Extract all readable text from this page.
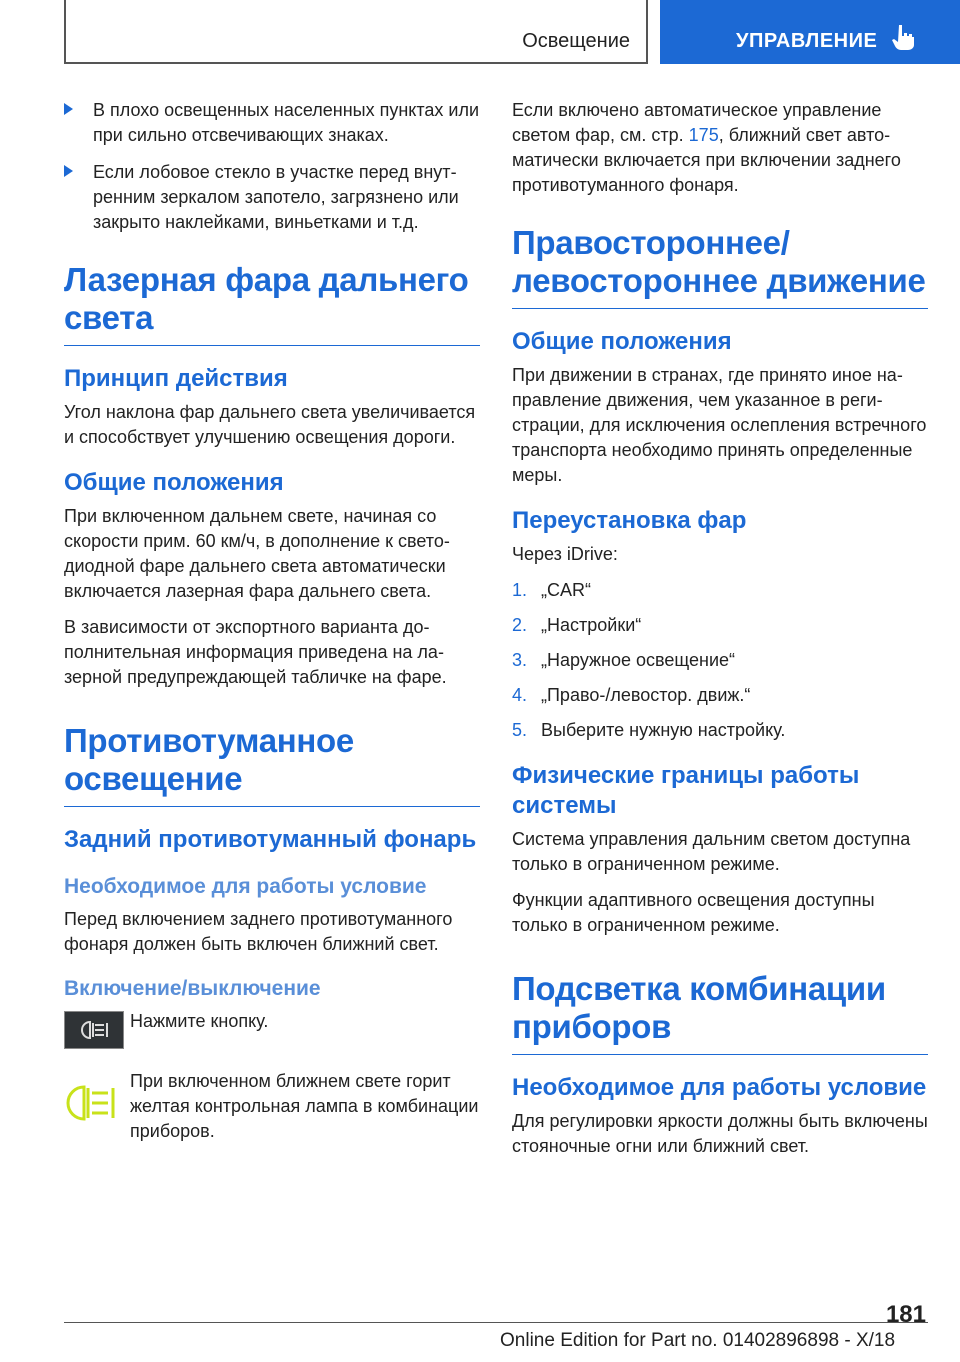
Освещение	УПРАВЛЕНИЕ
В плохо освещенных населенных пунктах или при сильно отсвечивающих знаках.
Если лобовое стекло в участке перед внутренним зеркалом запотело, загрязнено или закрыто наклейками, виньетками и т.д.
Лазерная фара дальнего света
Принцип действия

Угол наклона фар дальнего света увеличивается и способствует улучшению освещения дороги.

Общие положения

При включенном дальнем свете, начиная со скорости прим. 60 км/ч, в дополнение к светодиодной фаре дальнего света автоматически включается лазерная фара дальнего света.

В зависимости от экспортного варианта дополнительная информация приведена на лазерной предупреждающей табличке на фаре.

Противотуманное освещение
Задний противотуманный фонарь
Необходимое для работы условие

Перед включением заднего противотуманного фонаря должен быть включен ближний свет.

Включение/выключение
Нажмите кнопку.
При включенном ближнем свете горит желтая контрольная лампа в комбинации приборов.

Если включено автоматическое управление светом фар, см. стр. 175, ближний свет автоматически включается при включении заднего противотуманного фонаря.

Правостороннее/ левостороннее движение
Общие положения

При движении в странах, где принято иное направление движения, чем указанное в регистрации, для исключения ослепления встречного транспорта необходимо принять определенные меры.

Переустановка фар

Через iDrive:

1. „CAR“
2. „Настройки“
3. „Наружное освещение“
4. „Право-/левостор. движ.“
5. Выберите нужную настройку.
Физические границы работы системы

Система управления дальним светом доступна только в ограниченном режиме.

Функции адаптивного освещения доступны только в ограниченном режиме.

Подсветка комбинации приборов
Необходимое для работы условие

Для регулировки яркости должны быть включены стояночные огни или ближний свет.

181
Online Edition for Part no. 01402896898 - X/18
